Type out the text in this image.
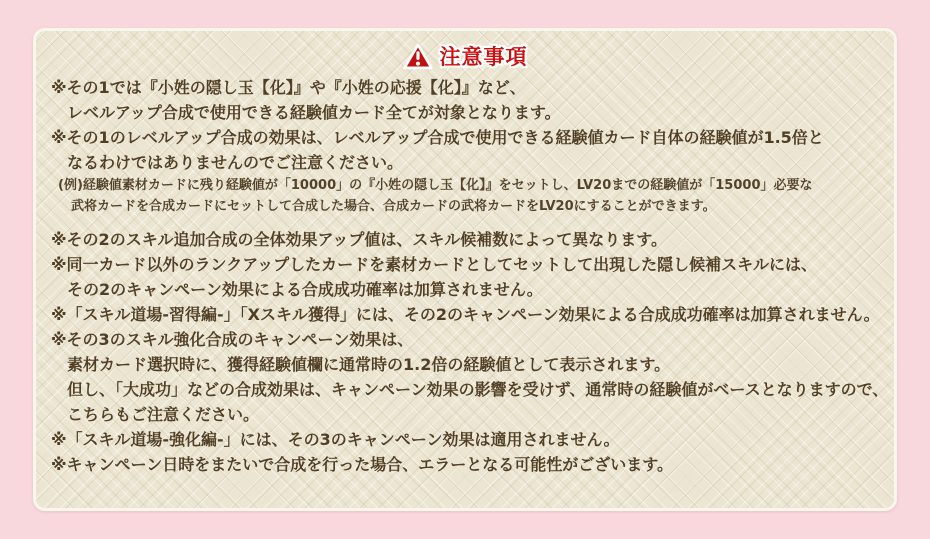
注意事項
※その1では『小姓の隠し玉【化】』や『小姓の応援【化】』など、
レベルアップ合成で使用できる経験値カード全てが対象となります。
※その1のレベルアップ合成の効果は、レベルアップ合成で使用できる経験値カード自体の経験値が1.5倍と
なるわけではありませんのでご注意ください。
(例)経験値素材カードに残り経験値が「10000」の『小姓の隠し玉【化】』をセットし、LV20までの経験値が「15000」必要な
武将カードを合成カードにセットして合成した場合、合成カードの武将カードをLV20にすることができます。
※その2のスキル追加合成の全体効果アップ値は、スキル候補数によって異なります。
※同一カード以外のランクアップしたカードを素材カードとしてセットして出現した隠し候補スキルには、
その2のキャンペーン効果による合成成功確率は加算されません。
※「スキル道場-習得編-」「Xスキル獲得」には、その2のキャンペーン効果による合成成功確率は加算されません。
※その3のスキル強化合成のキャンペーン効果は、
素材カード選択時に、獲得経験値欄に通常時の1.2倍の経験値として表示されます。
但し、「大成功」などの合成効果は、キャンペーン効果の影響を受けず、通常時の経験値がベースとなりますので、
こちらもご注意ください。
※「スキル道場-強化編-」には、その3のキャンペーン効果は適用されません。
※キャンペーン日時をまたいで合成を行った場合、エラーとなる可能性がございます。
